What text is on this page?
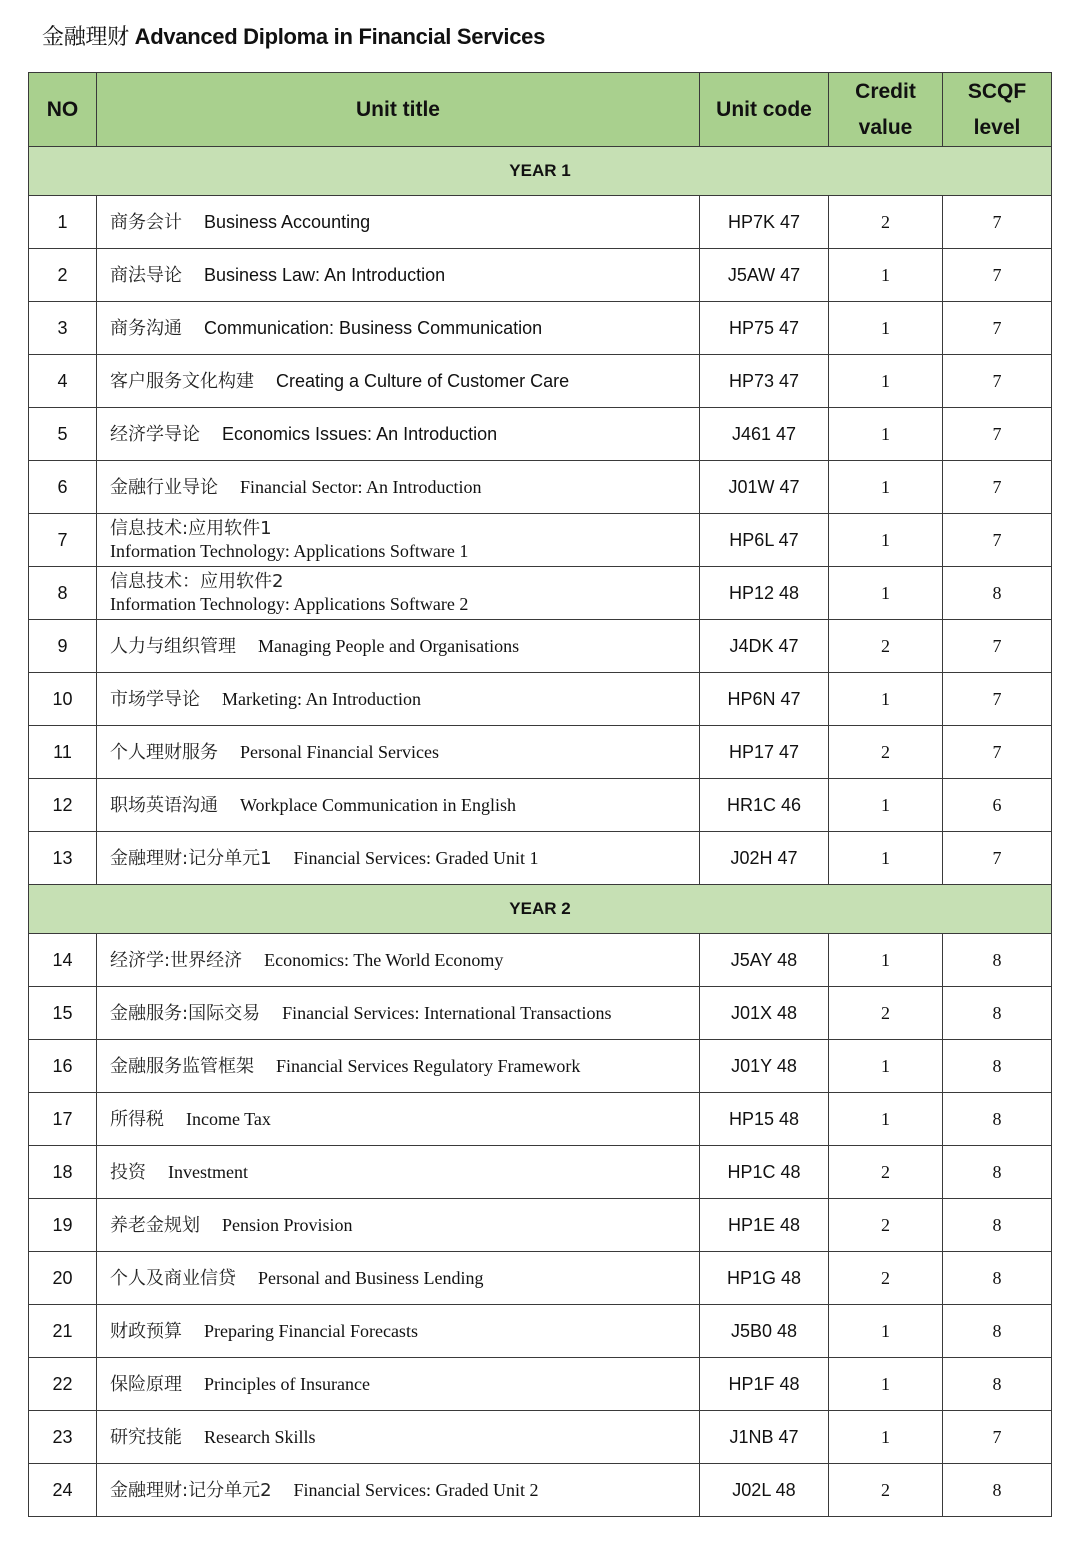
金融理财 Advanced Diploma in Financial Services
NO	Unit title	Unit code	Credit value	SCQF level
YEAR 1				
1	商务会计 Business Accounting	HP7K 47	2	7
2	商法导论 Business Law: An Introduction	J5AW 47	1	7
3	商务沟通 Communication: Business Communication	HP75 47	1	7
4	客户服务文化构建 Creating a Culture of Customer Care	HP73 47	1	7
5	经济学导论 Economics Issues: An Introduction	J461 47	1	7
6	金融行业导论 Financial Sector: An Introduction	J01W 47	1	7
7	信息技术:应用软件1
Information Technology: Applications Software 1	HP6L 47	1	7
8	信息技术：应用软件2
Information Technology: Applications Software 2	HP12 48	1	8
9	人力与组织管理 Managing People and Organisations	J4DK 47	2	7
10	市场学导论 Marketing: An Introduction	HP6N 47	1	7
11	个人理财服务 Personal Financial Services	HP17 47	2	7
12	职场英语沟通 Workplace Communication in English	HR1C 46	1	6
13	金融理财:记分单元1 Financial Services: Graded Unit 1	J02H 47	1	7
YEAR 2				
14	经济学:世界经济 Economics: The World Economy	J5AY 48	1	8
15	金融服务:国际交易 Financial Services: International Transactions	J01X 48	2	8
16	金融服务监管框架 Financial Services Regulatory Framework	J01Y 48	1	8
17	所得税 Income Tax	HP15 48	1	8
18	投资 Investment	HP1C 48	2	8
19	养老金规划 Pension Provision	HP1E 48	2	8
20	个人及商业信贷 Personal and Business Lending	HP1G 48	2	8
21	财政预算 Preparing Financial Forecasts	J5B0 48	1	8
22	保险原理 Principles of Insurance	HP1F 48	1	8
23	研究技能 Research Skills	J1NB 47	1	7
24	金融理财:记分单元2 Financial Services: Graded Unit 2	J02L 48	2	8
